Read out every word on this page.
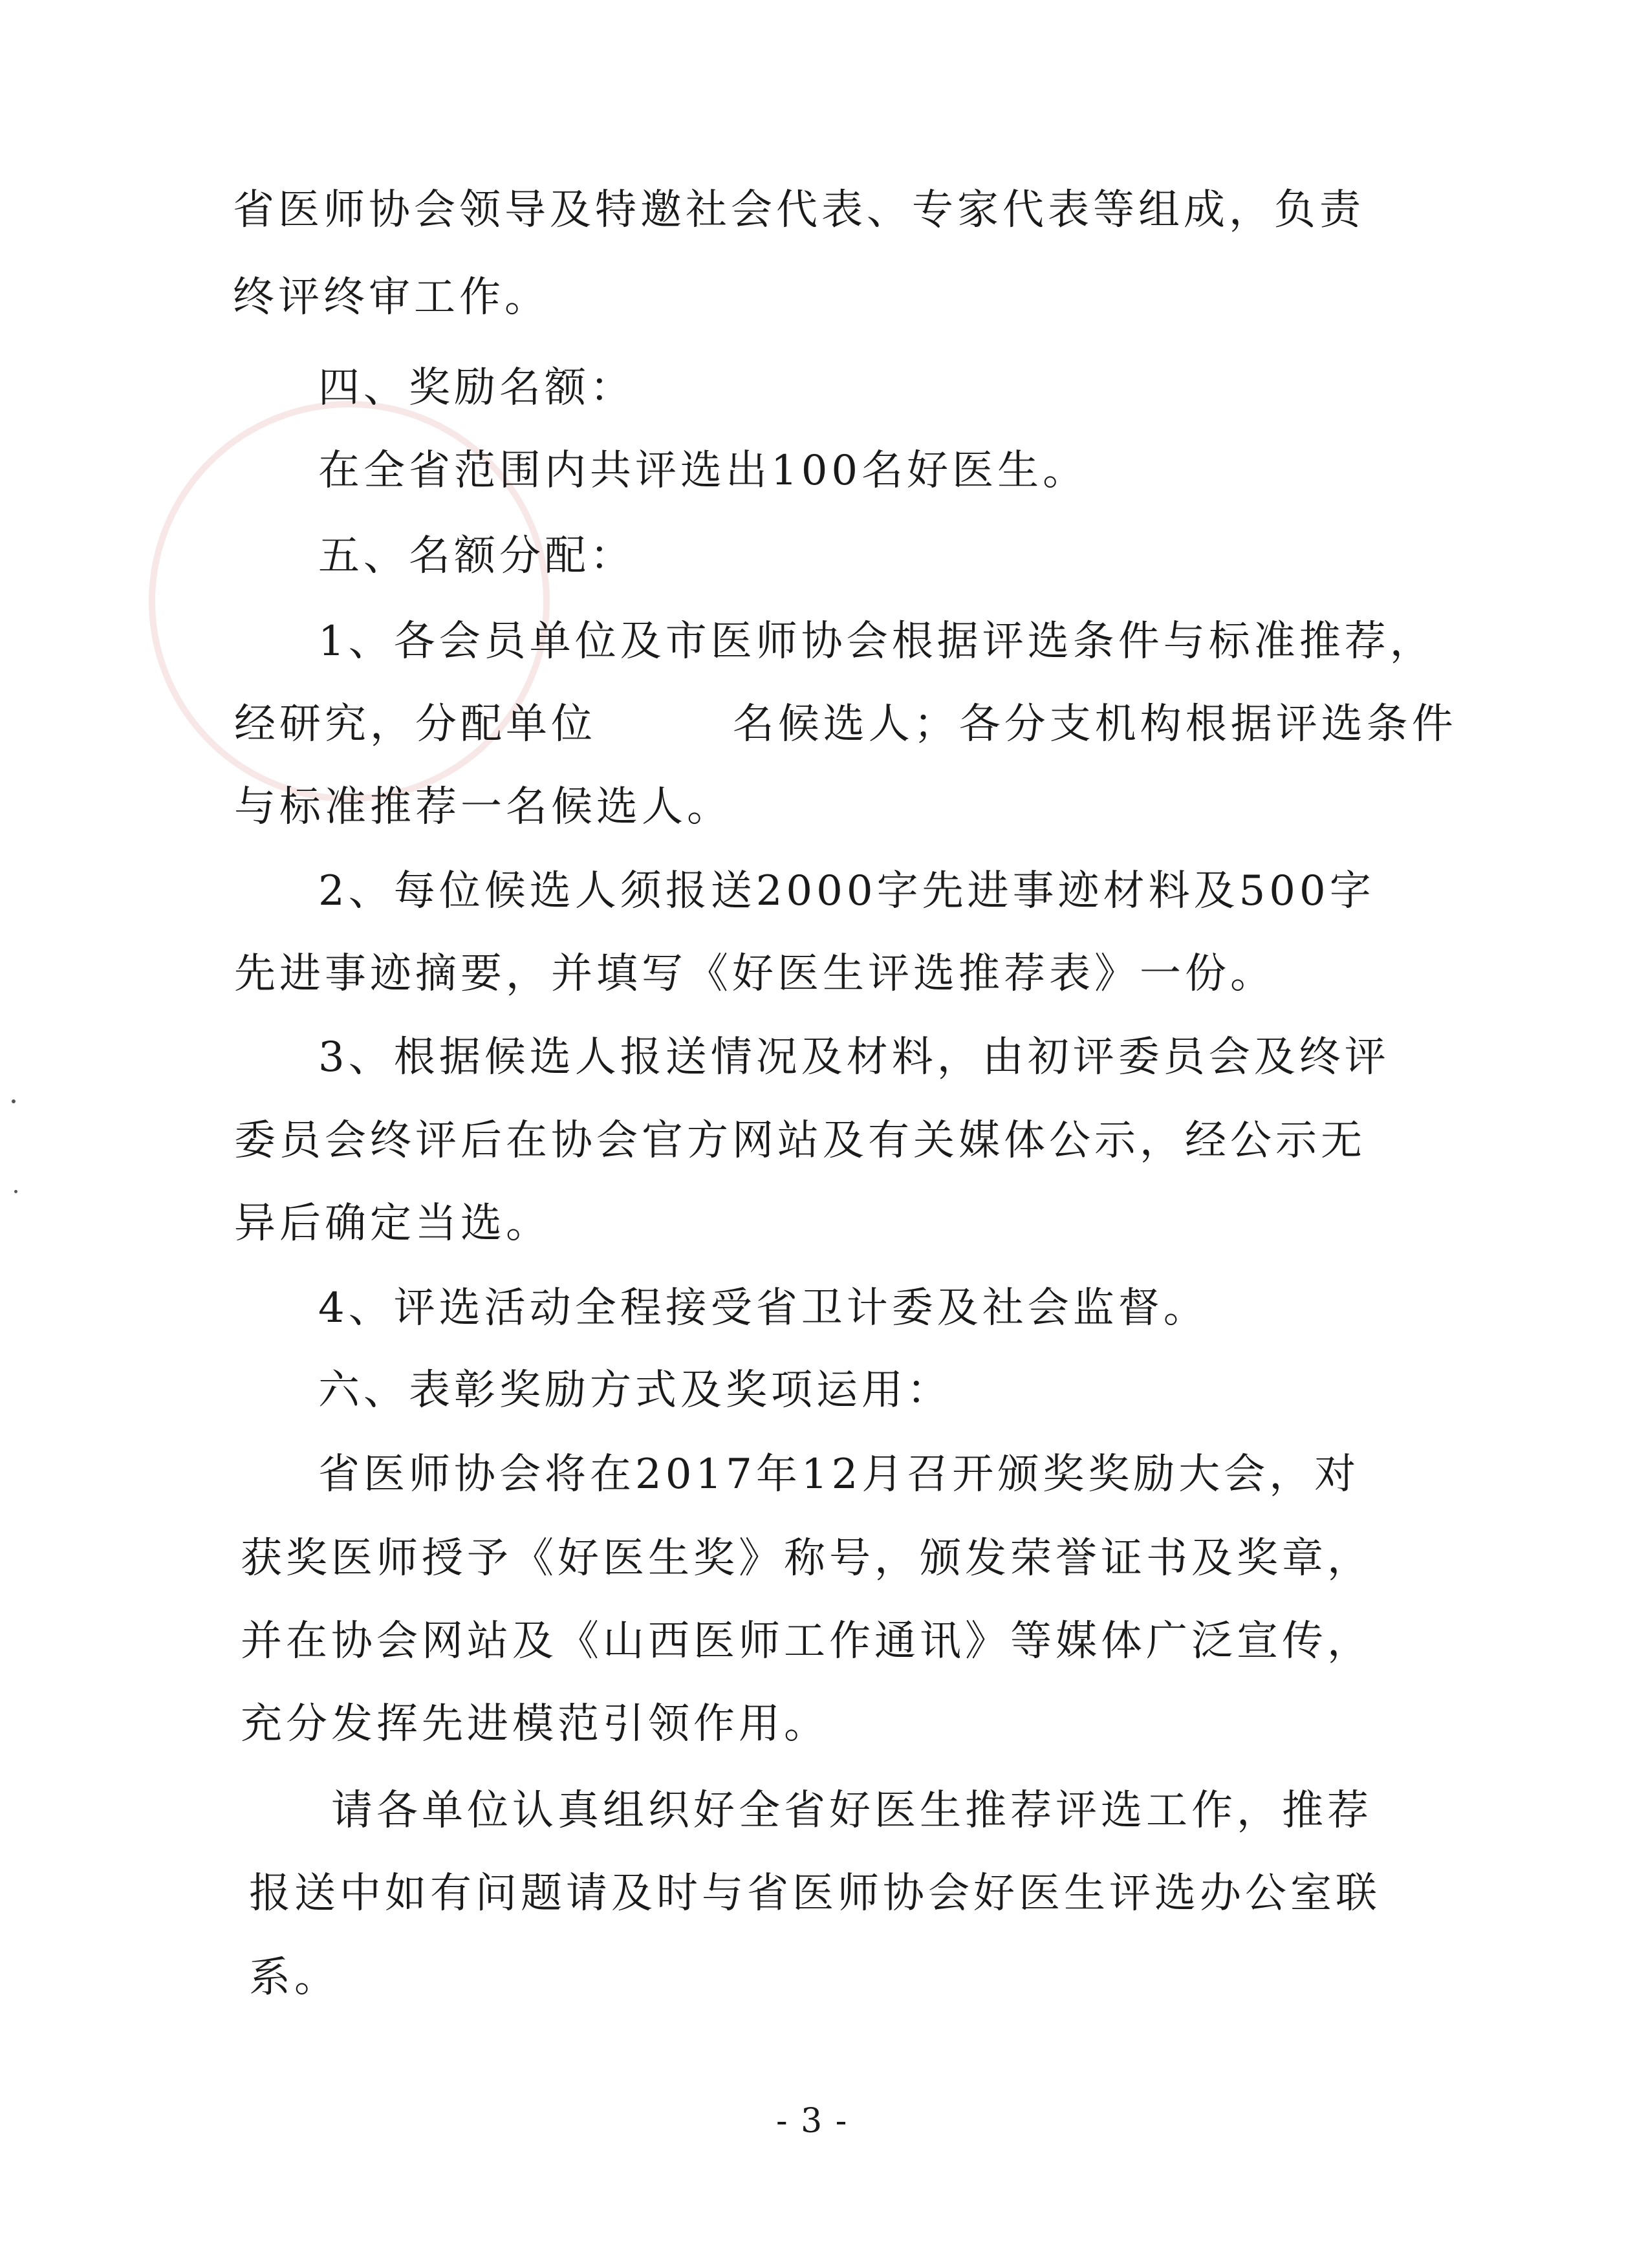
省医师协会领导及特邀社会代表、专家代表等组成，负责
终评终审工作。
四、奖励名额：
在全省范围内共评选出100名好医生。
五、名额分配：
1、各会员单位及市医师协会根据评选条件与标准推荐，
经研究，分配单位        名候选人；各分支机构根据评选条件
与标准推荐一名候选人。
2、每位候选人须报送2000字先进事迹材料及500字
先进事迹摘要，并填写《好医生评选推荐表》一份。
3、根据候选人报送情况及材料，由初评委员会及终评
委员会终评后在协会官方网站及有关媒体公示，经公示无
异后确定当选。
4、评选活动全程接受省卫计委及社会监督。
六、表彰奖励方式及奖项运用：
省医师协会将在2017年12月召开颁奖奖励大会，对
获奖医师授予《好医生奖》称号，颁发荣誉证书及奖章，
并在协会网站及《山西医师工作通讯》等媒体广泛宣传，
充分发挥先进模范引领作用。
请各单位认真组织好全省好医生推荐评选工作，推荐
报送中如有问题请及时与省医师协会好医生评选办公室联
系。
- 3 -
